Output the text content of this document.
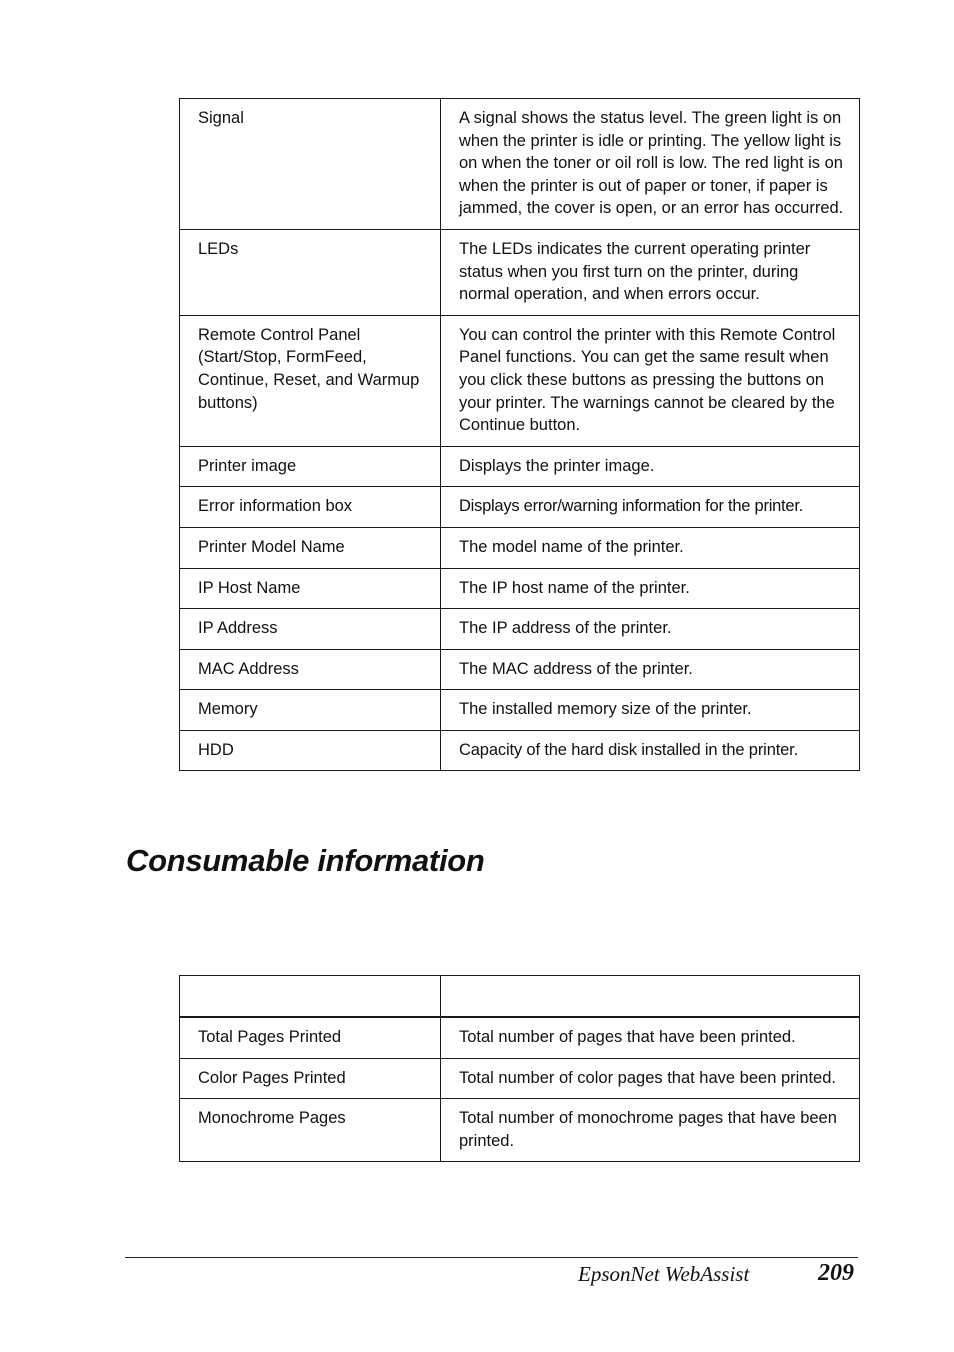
Signal	A signal shows the status level. The green light is on when the printer is idle or printing. The yellow light is on when the toner or oil roll is low. The red light is on when the printer is out of paper or toner, if paper is jammed, the cover is open, or an error has occurred.
LEDs	The LEDs indicates the current operating printer status when you first turn on the printer, during normal operation, and when errors occur.
Remote Control Panel (Start/Stop, FormFeed, Continue, Reset, and Warmup buttons)	You can control the printer with this Remote Control Panel functions. You can get the same result when you click these buttons as pressing the buttons on your printer. The warnings cannot be cleared by the Continue button.
Printer image	Displays the printer image.
Error information box	Displays error/warning information for the printer.
Printer Model Name	The model name of the printer.
IP Host Name	The IP host name of the printer.
IP Address	The IP address of the printer.
MAC Address	The MAC address of the printer.
Memory	The installed memory size of the printer.
HDD	Capacity of the hard disk installed in the printer.
Consumable information

Total Pages Printed	Total number of pages that have been printed.
Color Pages Printed	Total number of color pages that have been printed.
Monochrome Pages	Total number of monochrome pages that have been printed.
EpsonNet WebAssist	209
